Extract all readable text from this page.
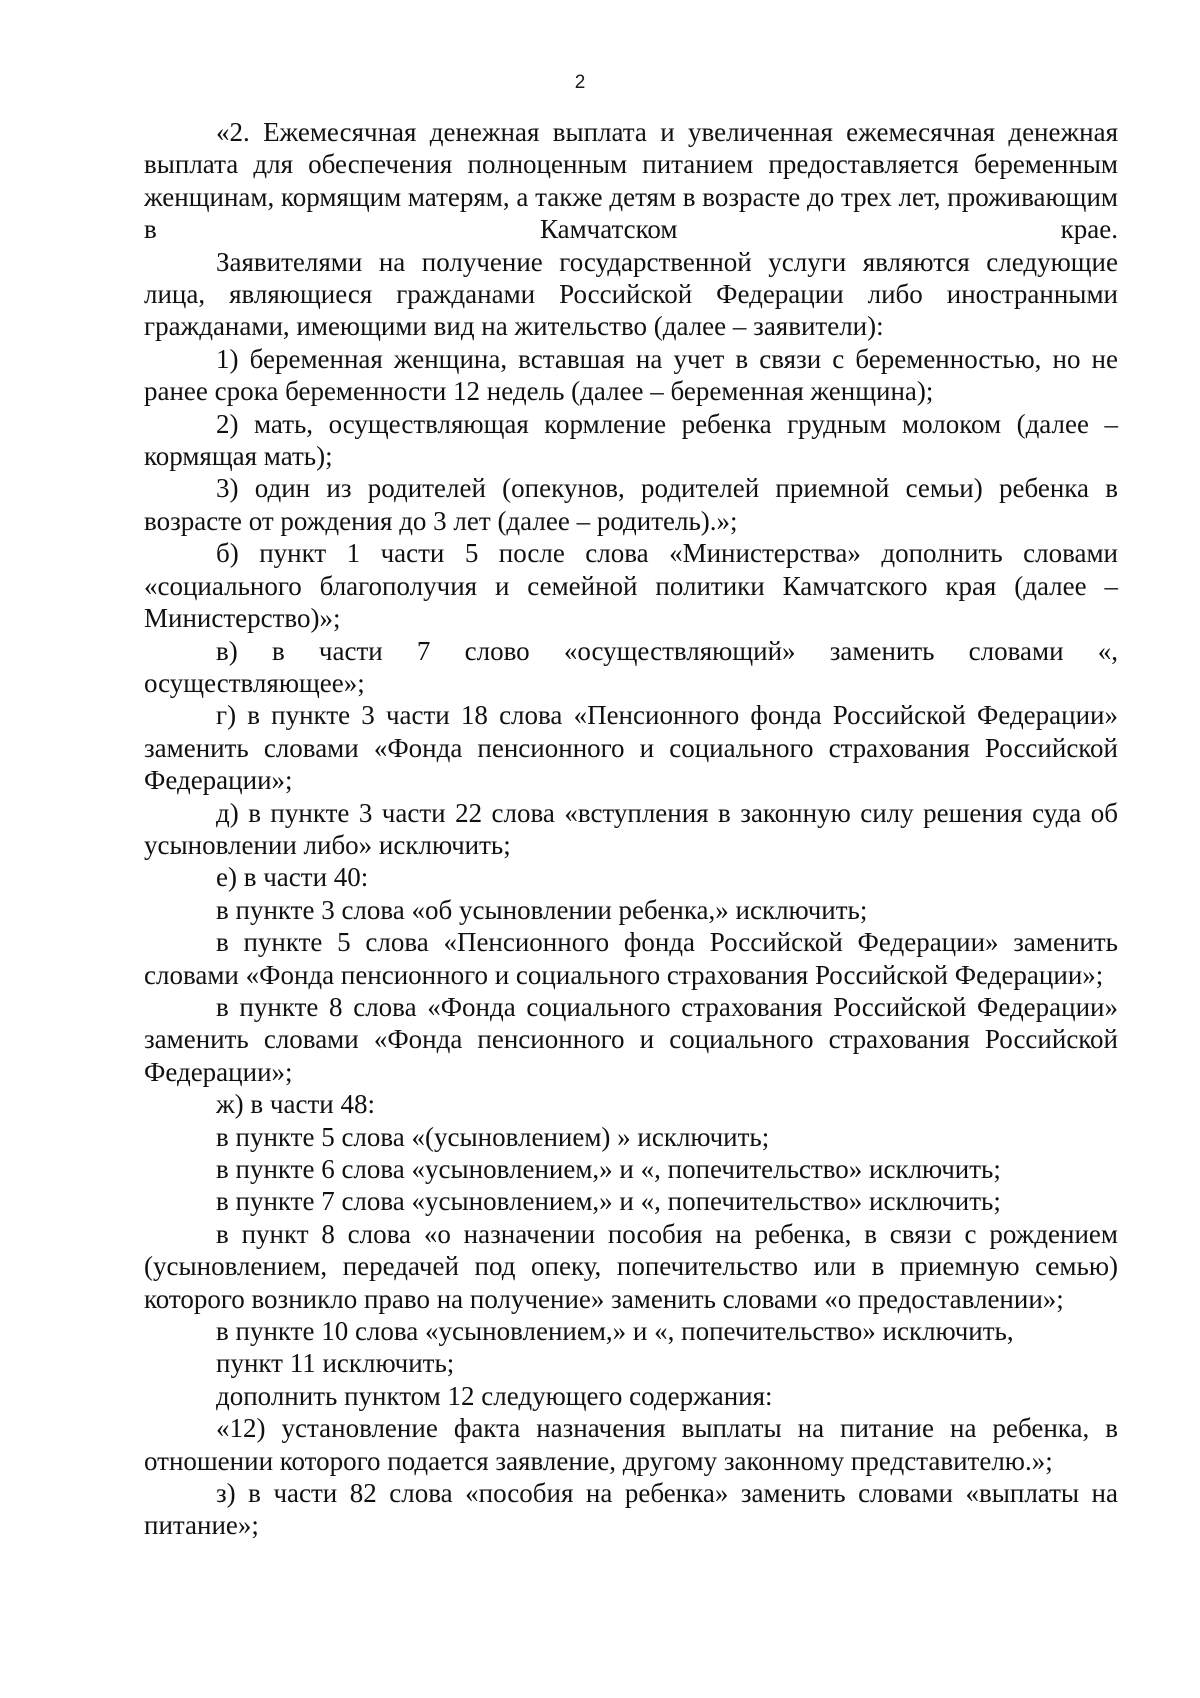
2

«2. Ежемесячная денежная выплата и увеличенная ежемесячная денежная выплата для обеспечения полноценным питанием предоставляется беременным женщинам, кормящим матерям, а также детям в возрасте до трех лет, проживающим в Камчатском крае.

Заявителями на получение государственной услуги являются следующие лица, являющиеся гражданами Российской Федерации либо иностранными гражданами, имеющими вид на жительство (далее – заявители):

1) беременная женщина, вставшая на учет в связи с беременностью, но не ранее срока беременности 12 недель (далее – беременная женщина);

2) мать, осуществляющая кормление ребенка грудным молоком (далее – кормящая мать);

3) один из родителей (опекунов, родителей приемной семьи) ребенка в возрасте от рождения до 3 лет (далее – родитель).»;

б) пункт 1 части 5 после слова «Министерства» дополнить словами «социального благополучия и семейной политики Камчатского края (далее – Министерство)»;

в) в части 7 слово «осуществляющий» заменить словами «, осуществляющее»;

г) в пункте 3 части 18 слова «Пенсионного фонда Российской Федерации» заменить словами «Фонда пенсионного и социального страхования Российской Федерации»;

д) в пункте 3 части 22 слова «вступления в законную силу решения суда об усыновлении либо» исключить;

е) в части 40:

в пункте 3 слова «об усыновлении ребенка,» исключить;

в пункте 5 слова «Пенсионного фонда Российской Федерации» заменить словами «Фонда пенсионного и социального страхования Российской Федерации»;

в пункте 8 слова «Фонда социального страхования Российской Федерации» заменить словами «Фонда пенсионного и социального страхования Российской Федерации»;

ж) в части 48:

в пункте 5 слова «(усыновлением) » исключить;

в пункте 6 слова «усыновлением,» и «, попечительство» исключить;

в пункте 7 слова «усыновлением,» и «, попечительство» исключить;

в пункт 8 слова «о назначении пособия на ребенка, в связи с рождением (усыновлением, передачей под опеку, попечительство или в приемную семью) которого возникло право на получение» заменить словами «о предоставлении»;

в пункте 10 слова «усыновлением,» и «, попечительство» исключить,

пункт 11 исключить;

дополнить пунктом 12 следующего содержания:

«12) установление факта назначения выплаты на питание на ребенка, в отношении которого подается заявление, другому законному представителю.»;

з) в части 82 слова «пособия на ребенка» заменить словами «выплаты на питание»;
